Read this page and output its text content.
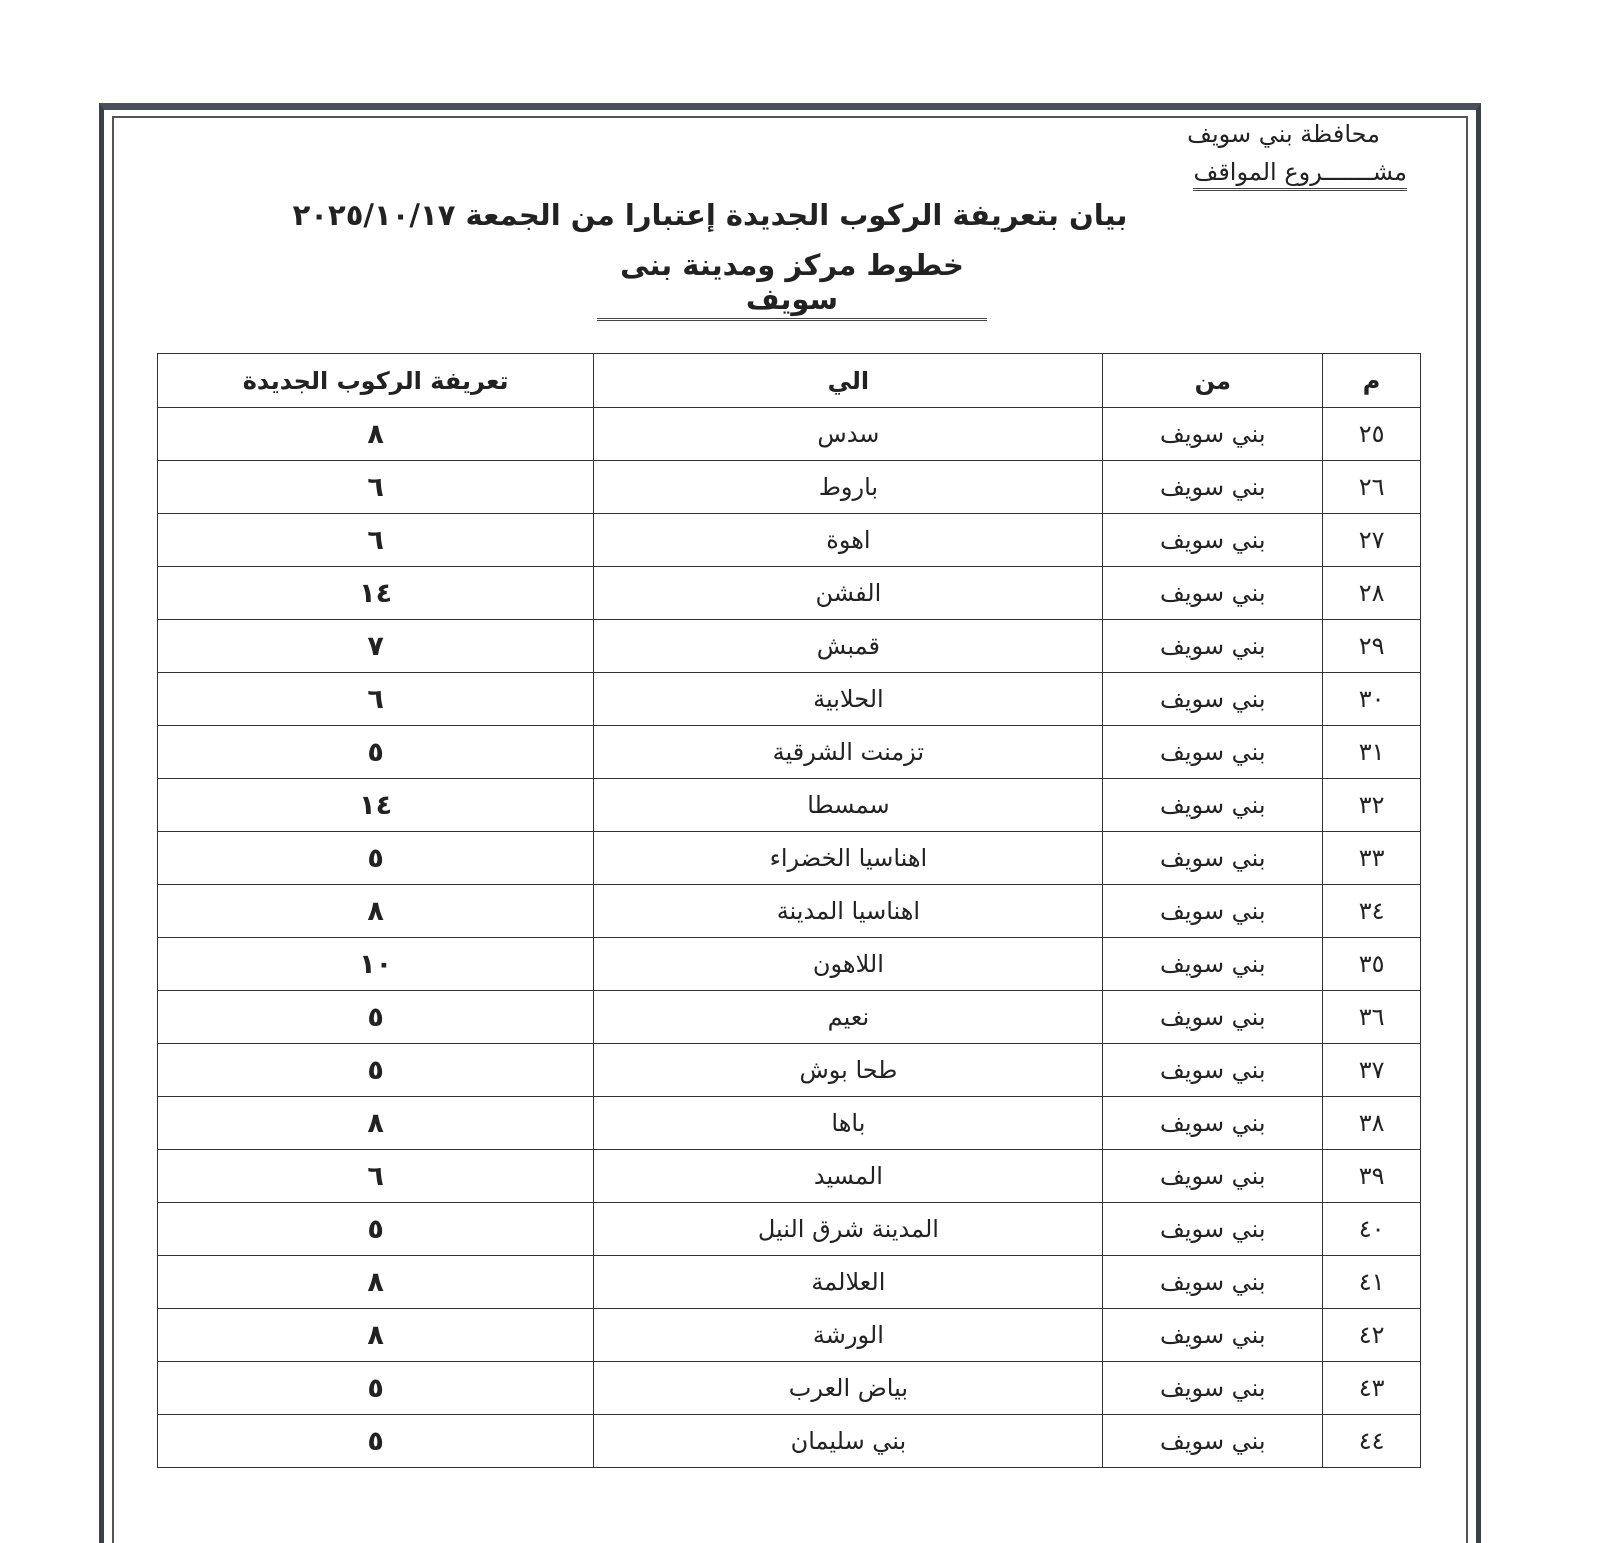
محافظة بني سويف
مشـــــــروع المواقف
بيان بتعريفة الركوب الجديدة إعتبارا من الجمعة ٢٠٢٥/١٠/١٧
خطوط مركز ومدينة بنى سويف
م	من	الي	تعريفة الركوب الجديدة
٢٥	بني سويف	سدس	٨
٢٦	بني سويف	باروط	٦
٢٧	بني سويف	اهوة	٦
٢٨	بني سويف	الفشن	١٤
٢٩	بني سويف	قمبش	٧
٣٠	بني سويف	الحلابية	٦
٣١	بني سويف	تزمنت الشرقية	٥
٣٢	بني سويف	سمسطا	١٤
٣٣	بني سويف	اهناسيا الخضراء	٥
٣٤	بني سويف	اهناسيا المدينة	٨
٣٥	بني سويف	اللاهون	١٠
٣٦	بني سويف	نعيم	٥
٣٧	بني سويف	طحا بوش	٥
٣٨	بني سويف	باها	٨
٣٩	بني سويف	المسيد	٦
٤٠	بني سويف	المدينة شرق النيل	٥
٤١	بني سويف	العلالمة	٨
٤٢	بني سويف	الورشة	٨
٤٣	بني سويف	بياض العرب	٥
٤٤	بني سويف	بني سليمان	٥
